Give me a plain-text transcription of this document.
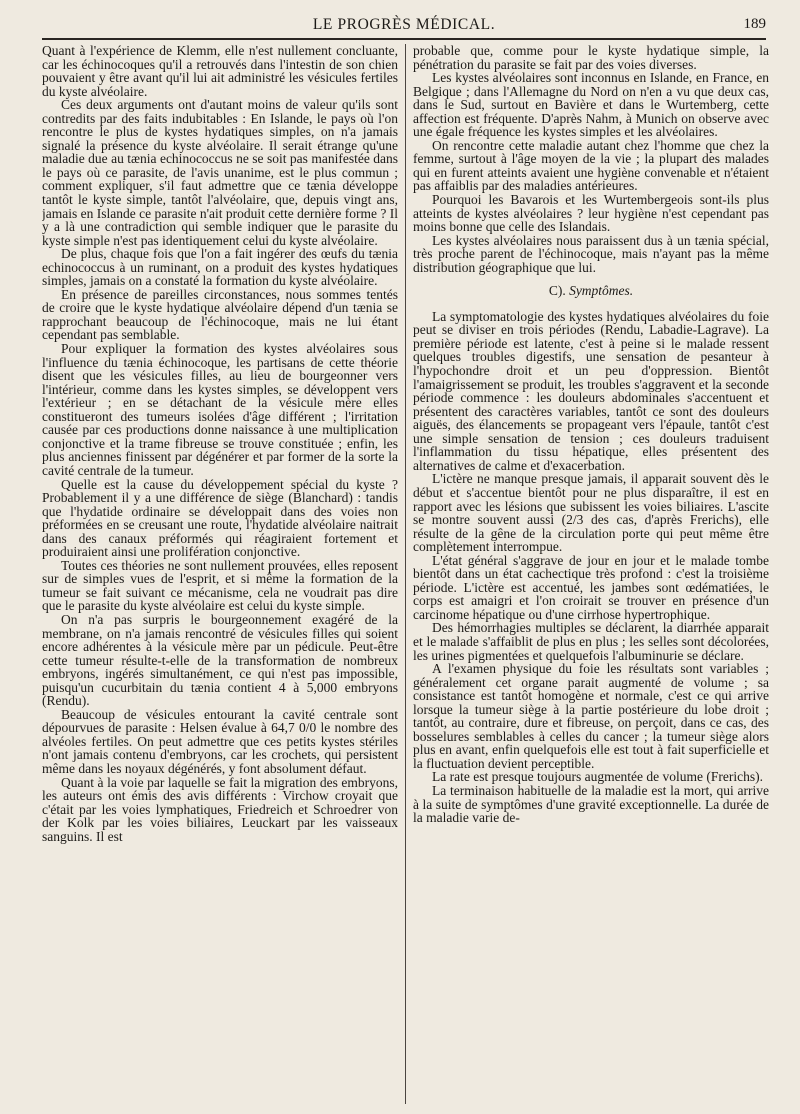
LE PROGRÈS MÉDICAL.	189

Quant à l'expérience de Klemm, elle n'est nullement concluante, car les échinocoques qu'il a retrouvés dans l'intestin de son chien pouvaient y être avant qu'il lui ait administré les vésicules fertiles du kyste alvéolaire.

Ces deux arguments ont d'autant moins de valeur qu'ils sont contredits par des faits indubitables : En Islande, le pays où l'on rencontre le plus de kystes hydatiques simples, on n'a jamais signalé la présence du kyste alvéolaire. Il serait étrange qu'une maladie due au tænia echinococcus ne se soit pas manifestée dans le pays où ce parasite, de l'avis unanime, est le plus commun ; comment expliquer, s'il faut admettre que ce tænia développe tantôt le kyste simple, tantôt l'alvéolaire, que, depuis vingt ans, jamais en Islande ce parasite n'ait produit cette dernière forme ? Il y a là une contradiction qui semble indiquer que le parasite du kyste simple n'est pas identiquement celui du kyste alvéolaire.

De plus, chaque fois que l'on a fait ingérer des œufs du tænia echinococcus à un ruminant, on a produit des kystes hydatiques simples, jamais on a constaté la formation du kyste alvéolaire.

En présence de pareilles circonstances, nous sommes tentés de croire que le kyste hydatique alvéolaire dépend d'un tænia se rapprochant beaucoup de l'échinocoque, mais ne lui étant cependant pas semblable.

Pour expliquer la formation des kystes alvéolaires sous l'influence du tænia échinocoque, les partisans de cette théorie disent que les vésicules filles, au lieu de bourgeonner vers l'intérieur, comme dans les kystes simples, se développent vers l'extérieur ; en se détachant de la vésicule mère elles constitueront des tumeurs isolées d'âge différent ; l'irritation causée par ces productions donne naissance à une multiplication conjonctive et la trame fibreuse se trouve constituée ; enfin, les plus anciennes finissent par dégénérer et par former de la sorte la cavité centrale de la tumeur.

Quelle est la cause du développement spécial du kyste ? Probablement il y a une différence de siège (Blanchard) : tandis que l'hydatide ordinaire se développait dans des voies non préformées en se creusant une route, l'hydatide alvéolaire naitrait dans des canaux préformés qui réagiraient fortement et produiraient ainsi une prolifération conjonctive.

Toutes ces théories ne sont nullement prouvées, elles reposent sur de simples vues de l'esprit, et si même la formation de la tumeur se fait suivant ce mécanisme, cela ne voudrait pas dire que le parasite du kyste alvéolaire est celui du kyste simple.

On n'a pas surpris le bourgeonnement exagéré de la membrane, on n'a jamais rencontré de vésicules filles qui soient encore adhérentes à la vésicule mère par un pédicule. Peut-être cette tumeur résulte-t-elle de la transformation de nombreux embryons, ingérés simultanément, ce qui n'est pas impossible, puisqu'un cucurbitain du tænia contient 4 à 5,000 embryons (Rendu).

Beaucoup de vésicules entourant la cavité centrale sont dépourvues de parasite : Helsen évalue à 64,7 0/0 le nombre des alvéoles fertiles. On peut admettre que ces petits kystes stériles n'ont jamais contenu d'embryons, car les crochets, qui persistent même dans les noyaux dégénérés, y font absolument défaut.

Quant à la voie par laquelle se fait la migration des embryons, les auteurs ont émis des avis différents : Virchow croyait que c'était par les voies lymphatiques, Friedreich et Schroedrer von der Kolk par les voies biliaires, Leuckart par les vaisseaux sanguins. Il est

probable que, comme pour le kyste hydatique simple, la pénétration du parasite se fait par des voies diverses.

Les kystes alvéolaires sont inconnus en Islande, en France, en Belgique ; dans l'Allemagne du Nord on n'en a vu que deux cas, dans le Sud, surtout en Bavière et dans le Wurtemberg, cette affection est fréquente. D'après Nahm, à Munich on observe avec une égale fréquence les kystes simples et les alvéolaires.

On rencontre cette maladie autant chez l'homme que chez la femme, surtout à l'âge moyen de la vie ; la plupart des malades qui en furent atteints avaient une hygiène convenable et n'étaient pas affaiblis par des maladies antérieures.

Pourquoi les Bavarois et les Wurtembergeois sont-ils plus atteints de kystes alvéolaires ? leur hygiène n'est cependant pas moins bonne que celle des Islandais.

Les kystes alvéolaires nous paraissent dus à un tænia spécial, très proche parent de l'échinocoque, mais n'ayant pas la même distribution géographique que lui.

C). Symptômes.

La symptomatologie des kystes hydatiques alvéolaires du foie peut se diviser en trois périodes (Rendu, Labadie-Lagrave). La première période est latente, c'est à peine si le malade ressent quelques troubles digestifs, une sensation de pesanteur à l'hypochondre droit et un peu d'oppression. Bientôt l'amaigrissement se produit, les troubles s'aggravent et la seconde période commence : les douleurs abdominales s'accentuent et présentent des caractères variables, tantôt ce sont des douleurs aiguës, des élancements se propageant vers l'épaule, tantôt c'est une simple sensation de tension ; ces douleurs traduisent l'inflammation du tissu hépatique, elles présentent des alternatives de calme et d'exacerbation.

L'ictère ne manque presque jamais, il apparait souvent dès le début et s'accentue bientôt pour ne plus disparaître, il est en rapport avec les lésions que subissent les voies biliaires. L'ascite se montre souvent aussi (2/3 des cas, d'après Frerichs), elle résulte de la gêne de la circulation porte qui peut même être complètement interrompue.

L'état général s'aggrave de jour en jour et le malade tombe bientôt dans un état cachectique très profond : c'est la troisième période. L'ictère est accentué, les jambes sont œdématiées, le corps est amaigri et l'on croirait se trouver en présence d'un carcinome hépatique ou d'une cirrhose hypertrophique.

Des hémorrhagies multiples se déclarent, la diarrhée apparait et le malade s'affaiblit de plus en plus ; les selles sont décolorées, les urines pigmentées et quelquefois l'albuminurie se déclare.

A l'examen physique du foie les résultats sont variables ; généralement cet organe parait augmenté de volume ; sa consistance est tantôt homogène et normale, c'est ce qui arrive lorsque la tumeur siège à la partie postérieure du lobe droit ; tantôt, au contraire, dure et fibreuse, on perçoit, dans ce cas, des bosselures semblables à celles du cancer ; la tumeur siège alors plus en avant, enfin quelquefois elle est tout à fait superficielle et la fluctuation devient perceptible.

La rate est presque toujours augmentée de volume (Frerichs).

La terminaison habituelle de la maladie est la mort, qui arrive à la suite de symptômes d'une gravité exceptionnelle. La durée de la maladie varie de-
